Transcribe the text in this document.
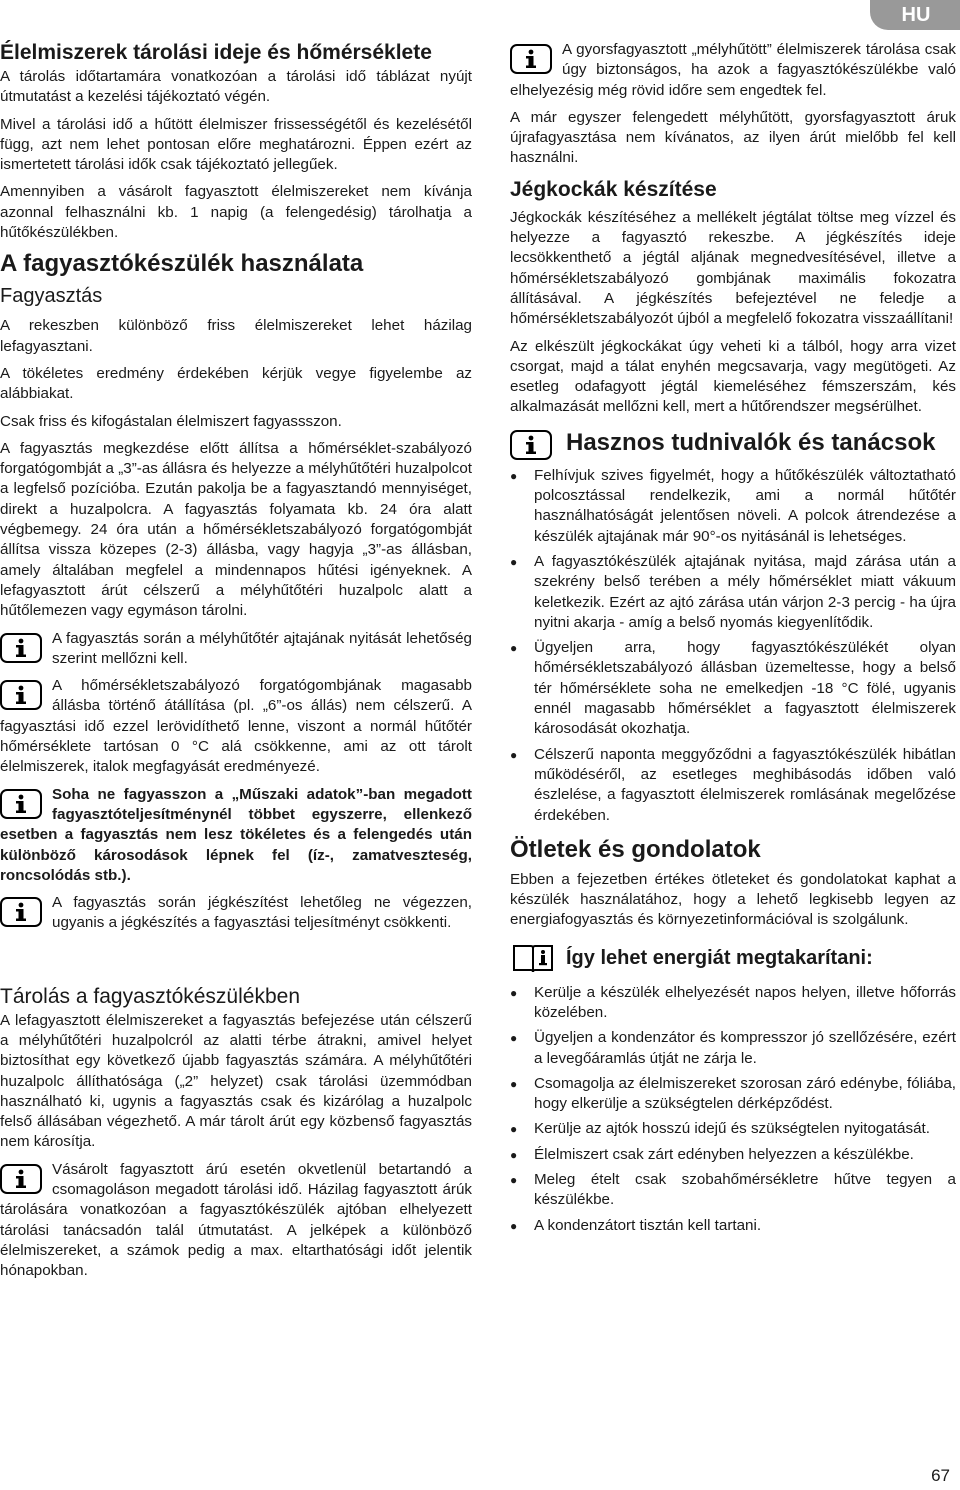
HU
Élelmiszerek tárolási ideje és hőmérséklete

A tárolás időtartamára vonatkozóan a tárolási idő táblázat nyújt útmutatást a kezelési tájékoztató végén.

Mivel a tárolási idő a hűtött élelmiszer frissességétől és kezelésétől függ, azt nem lehet pontosan előre meghatározni. Éppen ezért az ismertetett tárolási idők csak tájékoztató jellegűek.

Amennyiben a vásárolt fagyasztott élelmiszereket nem kívánja azonnal felhasználni kb. 1 napig (a felengedésig) tárolhatja a hűtőkészülékben.

A fagyasztókészülék használata
Fagyasztás

A rekeszben különböző friss élelmiszereket lehet házilag lefagyasztani.

A tökéletes eredmény érdekében kérjük vegye figyelembe az alábbiakat.

Csak friss és kifogástalan élelmiszert fagyassszon.

A fagyasztás megkezdése előtt állítsa a hőmérséklet-szabályozó forgatógombját a „3”-as állásra és helyezze a mélyhűtőtéri huzalpolcot a legfelső pozícióba. Ezután pakolja be a fagyasztandó mennyiséget, direkt a huzalpolcra. A fagyasztás folyamata kb. 24 óra alatt végbemegy. 24 óra után a hőmérsékletszabályozó forgatógombját állítsa vissza közepes (2-3) állásba, vagy hagyja „3”-as állásban, amely általában megfelel a mindennapos hűtési igényeknek. A lefagyasztott árút célszerű a mélyhűtőtéri huzalpolc alatt a hűtőlemezen vagy egymáson tárolni.

A fagyasztás során a mélyhűtőtér ajtajának nyitását lehetőség szerint mellőzni kell.
A hőmérsékletszabályozó forgatógombjának magasabb állásba történő átállítása (pl. „6”-os állás) nem célszerű. A fagyasztási idő ezzel lerövidíthető lenne, viszont a normál hűtőtér hőmérséklete tartósan 0 °C alá csökkenne, ami az ott tárolt élelmiszerek, italok megfagyását eredményezé.
Soha ne fagyasszon a „Műszaki adatok”-ban megadott fagyasztóteljesítménynél többet egyszerre, ellenkező esetben a fagyasztás nem lesz tökéletes és a felengedés után különböző károsodások lépnek fel (íz-, zamatveszteség, roncsolódás stb.).
A fagyasztás során jégkészítést lehetőleg ne végezzen, ugyanis a jégkészítés a fagyasztási teljesítményt csökkenti.
Tárolás a fagyasztókészülékben

A lefagyasztott élelmiszereket a fagyasztás befejezése után célszerű a mélyhűtőtéri huzalpolcról az alatti térbe átrakni, amivel helyet biztosíthat egy következő újabb fagyasztás számára. A mélyhűtőtéri huzalpolc állíthatósága („2” helyzet) csak tárolási üzemmódban használható ki, ugynis a fagyasztás csak és kizárólag a huzalpolc felső állásában végezhető. A már tárolt árút egy közbenső fagyasztás nem károsítja.

Vásárolt fagyasztott árú esetén okvetlenül betartandó a csomagoláson megadott tárolási idő. Házilag fagyasztott árúk tárolására vonatkozóan a fagyasztókészülék ajtóban elhelyezett tárolási tanácsadón talál útmutatást. A jelképek a különböző élelmiszereket, a számok pedig a max. eltarthatósági időt jelentik hónapokban.
A gyorsfagyasztott „mélyhűtött” élelmiszerek tárolása csak úgy biztonságos, ha azok a fagyasztókészülékbe való elhelyezésig még rövid időre sem engedtek fel.

A már egyszer felengedett mélyhűtött, gyorsfagyasztott áruk újrafagyasztása nem kívánatos, az ilyen árút mielőbb fel kell használni.

Jégkockák készítése

Jégkockák készítéséhez a mellékelt jégtálat töltse meg vízzel és helyezze a fagyasztó rekeszbe. A jégkészítés ideje lecsökkenthető a jégtál aljának megnedvesítésével, illetve a hőmérsékletszabályozó gombjának maximális fokozatra állításával. A jégkészítés befejeztével ne feledje a hőmérsékletszabályozót újból a megfelelő fokozatra visszaállítani!

Az elkészült jégkockákat úgy veheti ki a tálból, hogy arra vizet csorgat, majd a tálat enyhén megcsavarja, vagy megütögeti. Az esetleg odafagyott jégtál kiemeléséhez fémszerszám, kés alkalmazását mellőzni kell, mert a hűtőrendszer megsérülhet.

Hasznos tudnivalók és tanácsok
● Felhívjuk szives figyelmét, hogy a hűtőkészülék változtatható polcosztással rendelkezik, ami a normál hűtőtér használhatóságát jelentősen növeli. A polcok átrendezése a készülék ajtajának már 90°-os nyitásánál is lehetséges.
● A fagyasztókészülék ajtajának nyitása, majd zárása után a szekrény belső terében a mély hőmérséklet miatt vákuum keletkezik. Ezért az ajtó zárása után várjon 2-3 percig - ha újra nyitni akarja - amíg a belső nyomás kiegyenlítődik.
● Ügyeljen arra, hogy fagyasztókészülékét olyan hőmérsékletszabályozó állásban üzemeltesse, hogy a belső tér hőmérséklete soha ne emelkedjen -18 °C fölé, ugyanis ennél magasabb hőmérséklet a fagyasztott élelmiszerek károsodását okozhatja.
● Célszerű naponta meggyőződni a fagyasztókészülék hibátlan működéséről, az esetleges meghibásodás időben való észlelése, a fagyasztott élelmiszerek romlásának megelőzése érdekében.
Ötletek és gondolatok

Ebben a fejezetben értékes ötleteket és gondolatokat kaphat a készülék használatához, hogy a lehető legkisebb legyen az energiafogyasztás és környezetinformációval is szolgálunk.

Így lehet energiát megtakarítani:
● Kerülje a készülék elhelyezését napos helyen, illetve hőforrás közelében.
● Ügyeljen a kondenzátor és kompresszor jó szellőzésére, ezért a levegőáramlás útját ne zárja le.
● Csomagolja az élelmiszereket szorosan záró edénybe, fóliába, hogy elkerülje a szükségtelen dérképződést.
● Kerülje az ajtók hosszú idejű és szükségtelen nyitogatását.
● Élelmiszert csak zárt edényben helyezzen a készülékbe.
● Meleg ételt csak szobahőmérsékletre hűtve tegyen a készülékbe.
● A kondenzátort tisztán kell tartani.
67
